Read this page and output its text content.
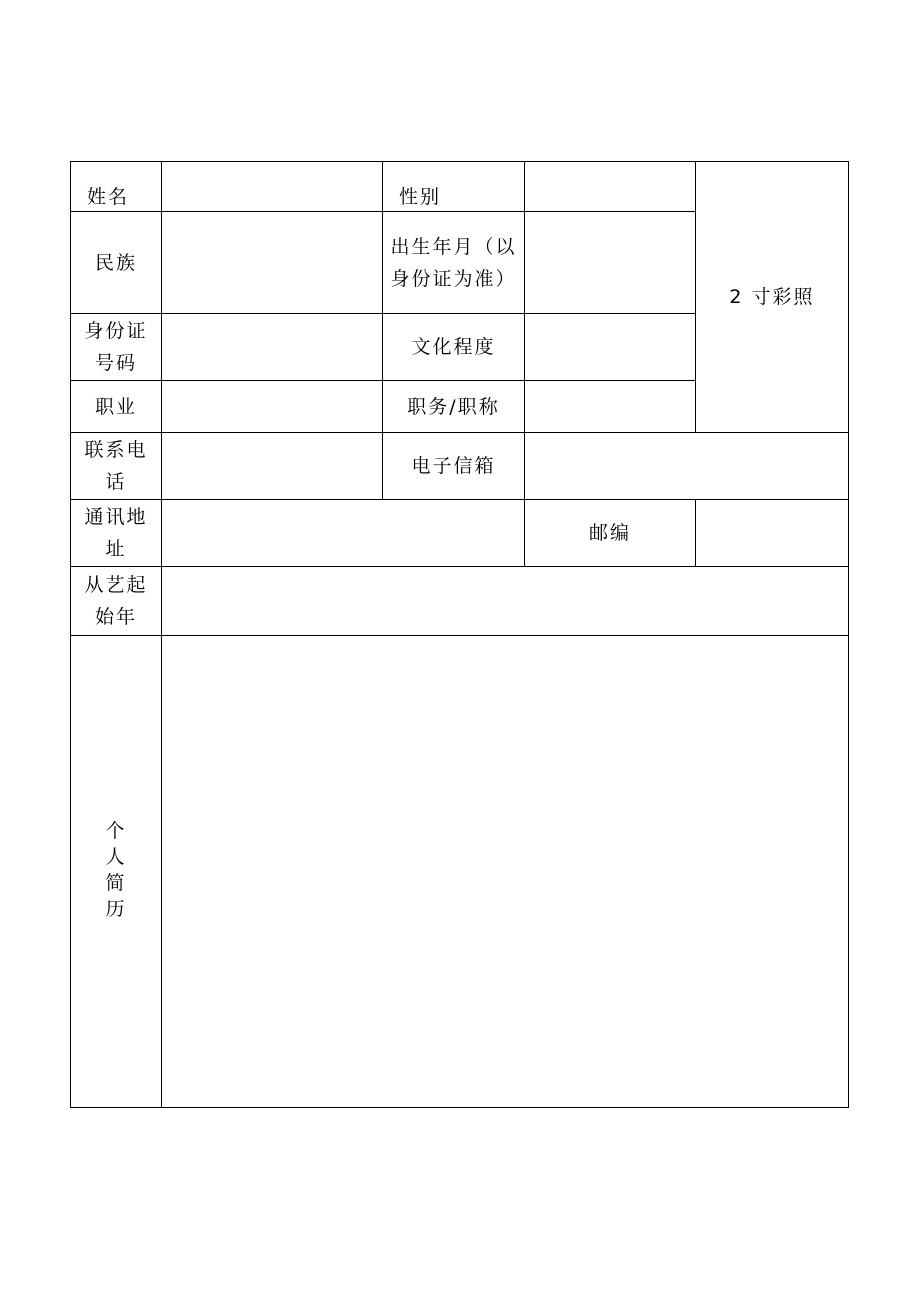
姓名		性别		2 寸彩照
民族		出生年月（以身份证为准）		
身份证号码		文化程度		
职业		职务/职称		
联系电话		电子信箱		
通讯地址			邮编	
从艺起始年				
个人简历				
